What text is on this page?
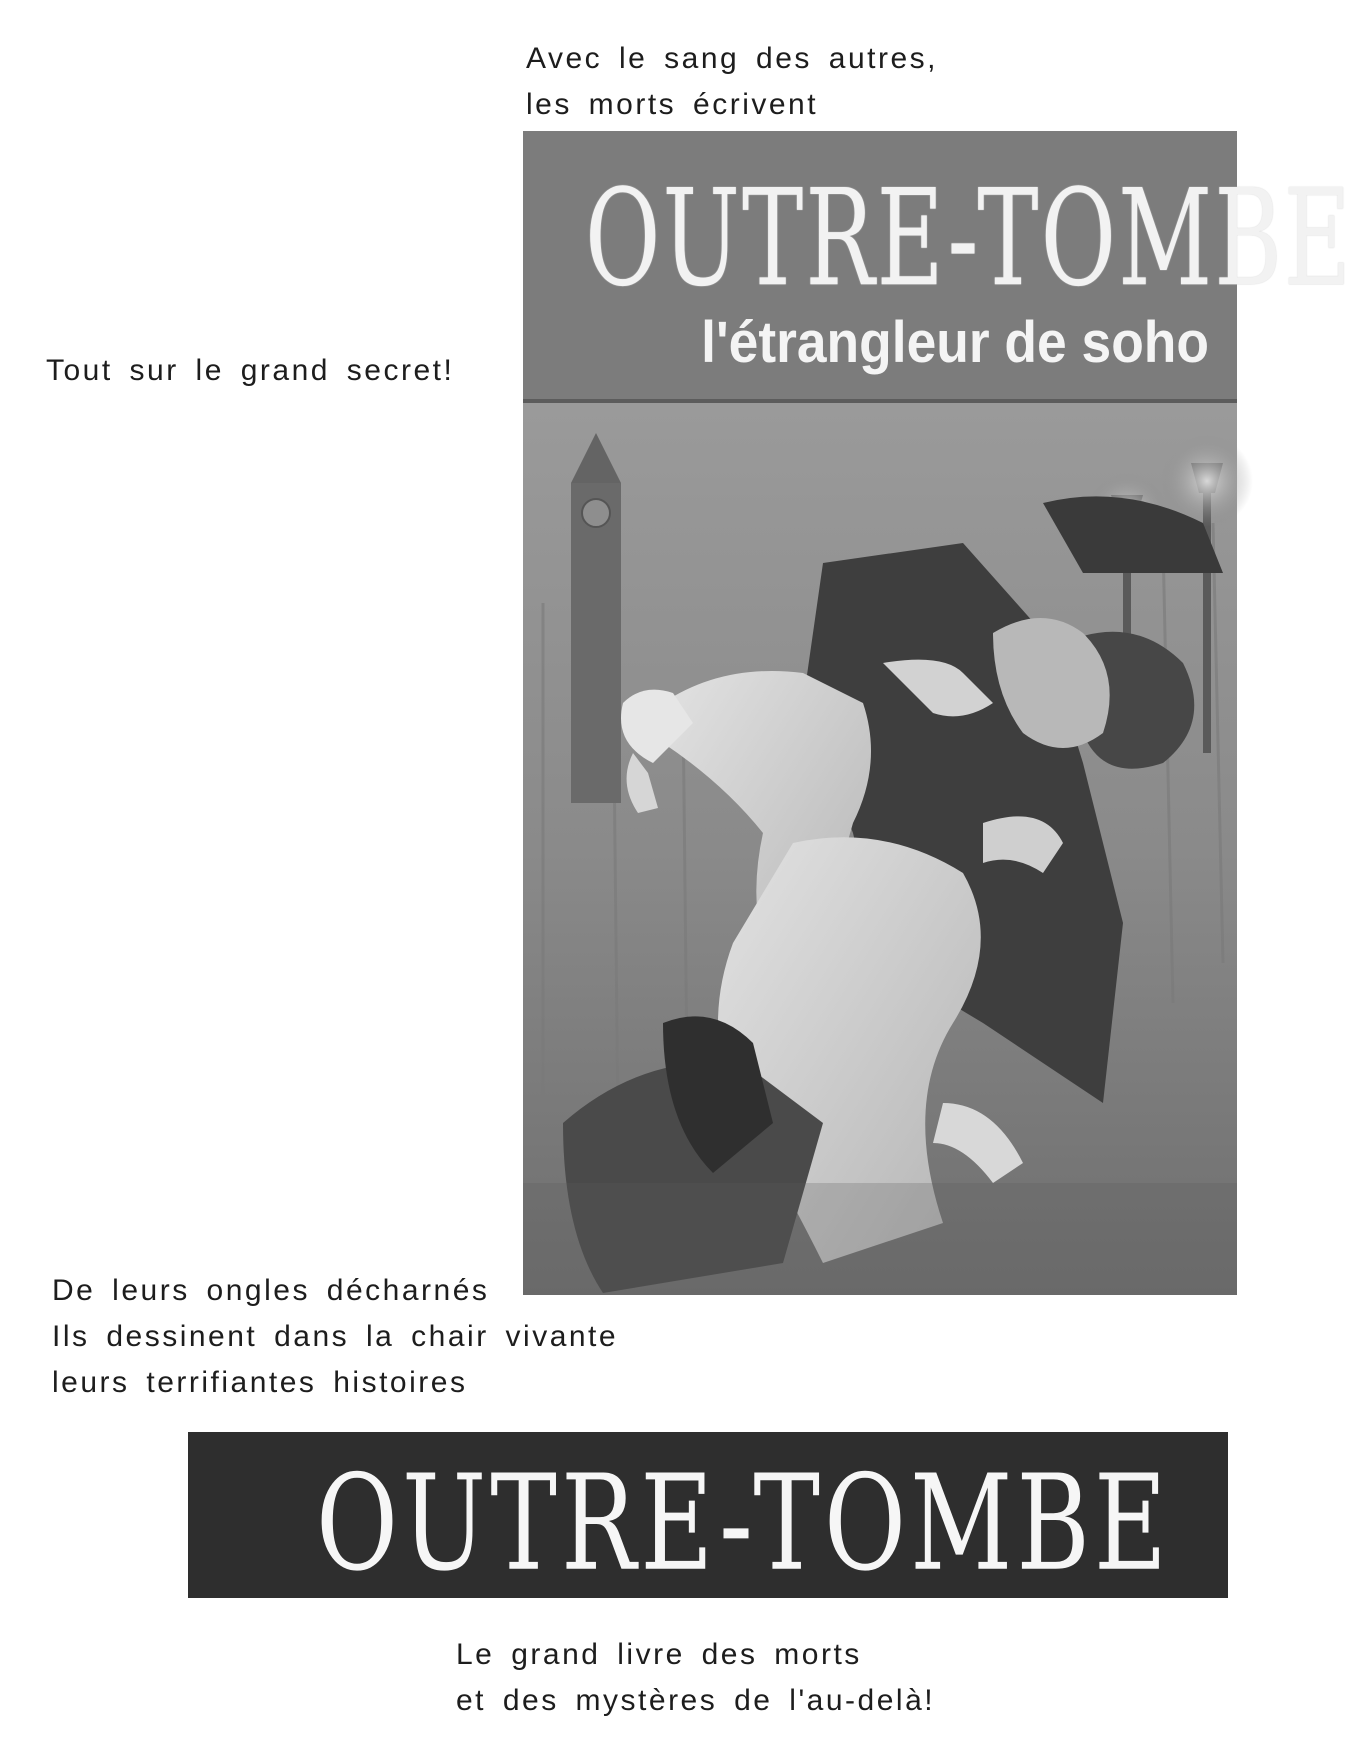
Avec le sang des autres,
les morts écrivent
Tout sur le grand secret!
OUTRE-TOMBE
l'étrangleur de soho
De leurs ongles décharnés
Ils dessinent dans la chair vivante
leurs terrifiantes histoires
OUTRE-TOMBE
Le grand livre des morts
et des mystères de l'au-delà!
